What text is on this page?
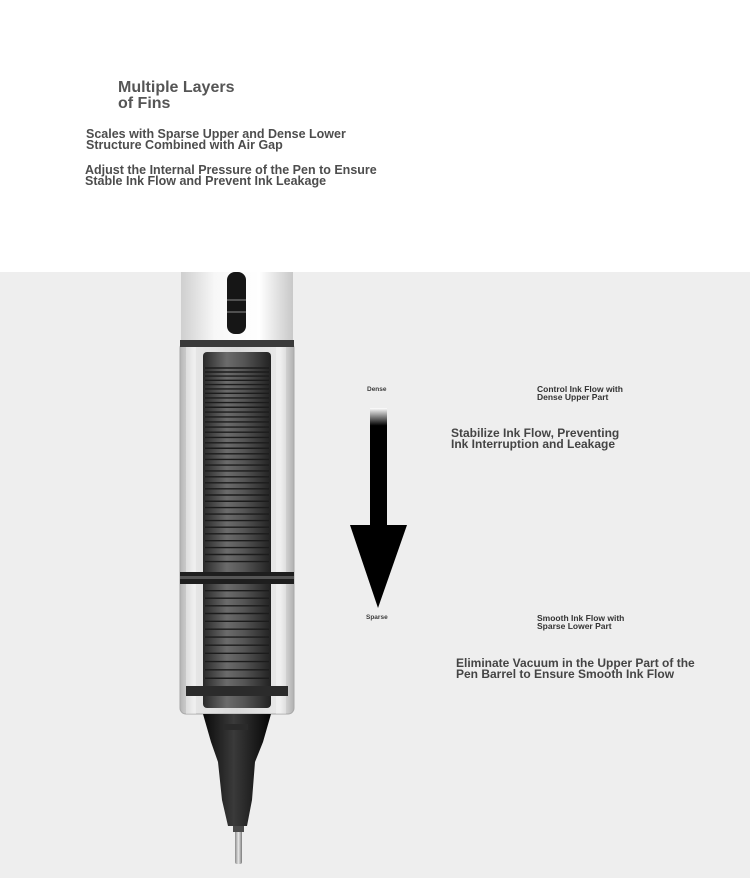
Multiple Layers
of Fins
Scales with Sparse Upper and Dense Lower
Structure Combined with Air Gap
Adjust the Internal Pressure of the Pen to Ensure
Stable Ink Flow and Prevent Ink Leakage
Dense
Sparse
Control Ink Flow with
Dense Upper Part
Stabilize Ink Flow, Preventing
Ink Interruption and Leakage
Smooth Ink Flow with
Sparse Lower Part
Eliminate Vacuum in the Upper Part of the
Pen Barrel to Ensure Smooth Ink Flow
